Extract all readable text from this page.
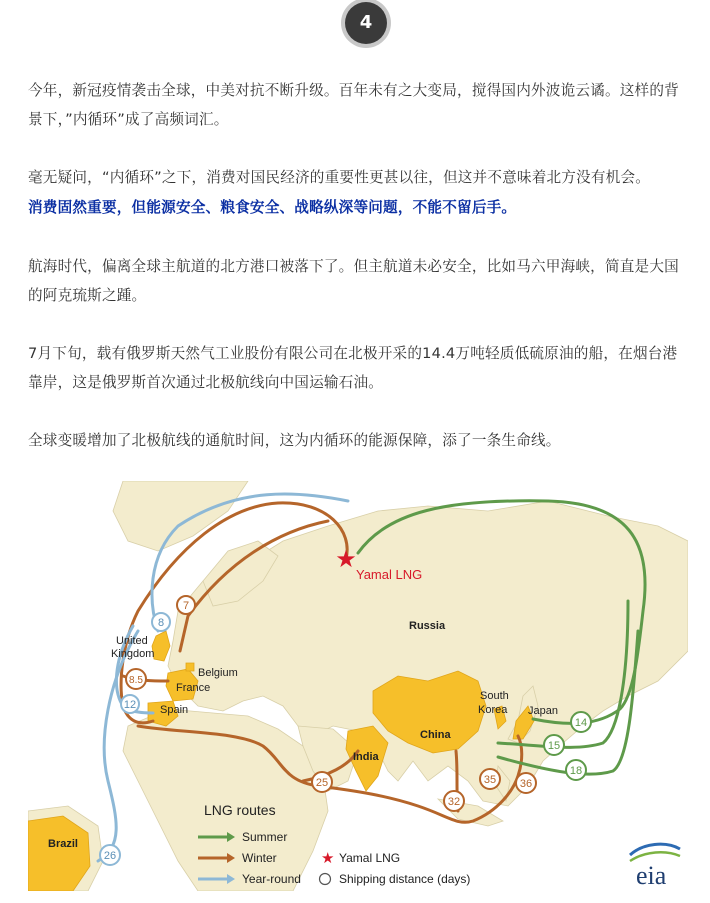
4

今年，新冠疫情袭击全球，中美对抗不断升级。百年未有之大变局，搅得国内外波诡云谲。这样的背景下，”内循环”成了高频词汇。

毫无疑问，“内循环”之下，消费对国民经济的重要性更甚以往，但这并不意味着北方没有机会。

消费固然重要，但能源安全、粮食安全、战略纵深等问题，不能不留后手。

航海时代，偏离全球主航道的北方港口被落下了。但主航道未必安全，比如马六甲海峡，简直是大国的阿克琉斯之踵。

7月下旬，载有俄罗斯天然气工业股份有限公司在北极开采的14.4万吨轻质低硫原油的船，在烟台港靠岸，这是俄罗斯首次通过北极航线向中国运输石油。

全球变暖增加了北极航线的通航时间，这为内循环的能源保障，添了一条生命线。

★
Yamal LNG
Russia
United
Kingdom
Belgium
France
Spain
China
India
South
Korea Japan
Brazil
8
7
8.5
12
14
15
18
25
32
35 36
26
LNG routes
Summer
Winter
Year-round
★ Yamal LNG
Shipping distance (days)	eia
